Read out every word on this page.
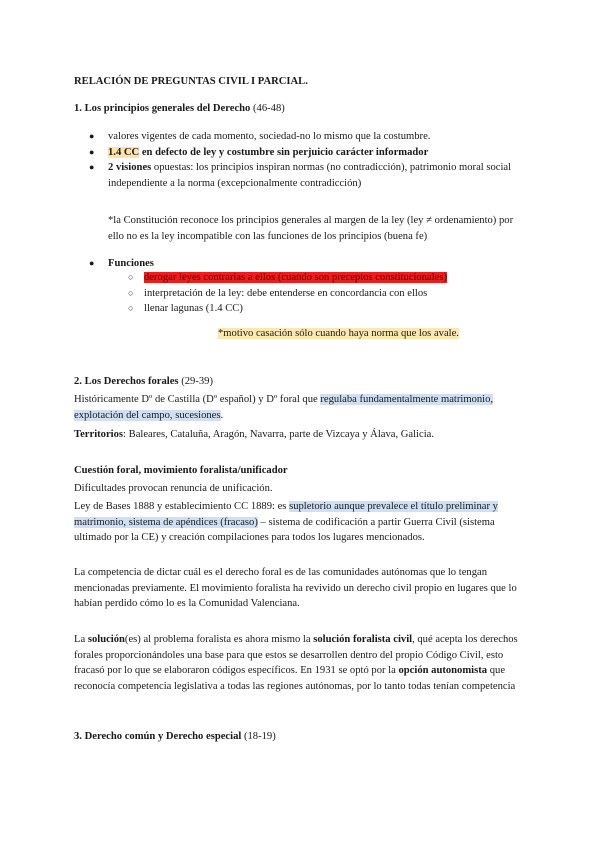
RELACIÓN DE PREGUNTAS CIVIL I PARCIAL.
1. Los principios generales del Derecho (46-48)
● valores vigentes de cada momento, sociedad-no lo mismo que la costumbre.
● 1.4 CC en defecto de ley y costumbre sin perjuicio carácter informador
● 2 visiones opuestas: los principios inspiran normas (no contradicción), patrimonio moral social independiente a la norma (excepcionalmente contradicción)
*la Constitución reconoce los principios generales al margen de la ley (ley ≠ ordenamiento) por ello no es la ley incompatible con las funciones de los principios (buena fe)
● Funciones
○ derogar leyes contrarias a ellos (cuando son preceptos constitucionales)
○ interpretación de la ley: debe entenderse en concordancia con ellos
○ llenar lagunas (1.4 CC)
*motivo casación sólo cuando haya norma que los avale.
2. Los Derechos forales (29-39)
Históricamente Dº de Castilla (Dº español) y Dº foral que regulaba fundamentalmente matrimonio, explotación del campo, sucesiones.
Territorios: Baleares, Cataluña, Aragón, Navarra, parte de Vizcaya y Álava, Galicia.
Cuestión foral, movimiento foralista/unificador
Dificultades provocan renuncia de unificación.
Ley de Bases 1888 y establecimiento CC 1889: es supletorio aunque prevalece el título preliminar y matrimonio, sistema de apéndices (fracaso) – sistema de codificación a partir Guerra Civil (sistema ultimado por la CE) y creación compilaciones para todos los lugares mencionados.
La competencia de dictar cuál es el derecho foral es de las comunidades autónomas que lo tengan mencionadas previamente. El movimiento foralista ha revivido un derecho civil propio en lugares que lo habían perdido cómo lo es la Comunidad Valenciana.
La solución(es) al problema foralista es ahora mismo la solución foralista civil, qué acepta los derechos forales proporcionándoles una base para que estos se desarrollen dentro del propio Código Civil, esto fracasó por lo que se elaboraron códigos específicos. En 1931 se optó por la opción autonomista que reconocía competencia legislativa a todas las regiones autónomas, por lo tanto todas tenían competencia
3. Derecho común y Derecho especial (18-19)
